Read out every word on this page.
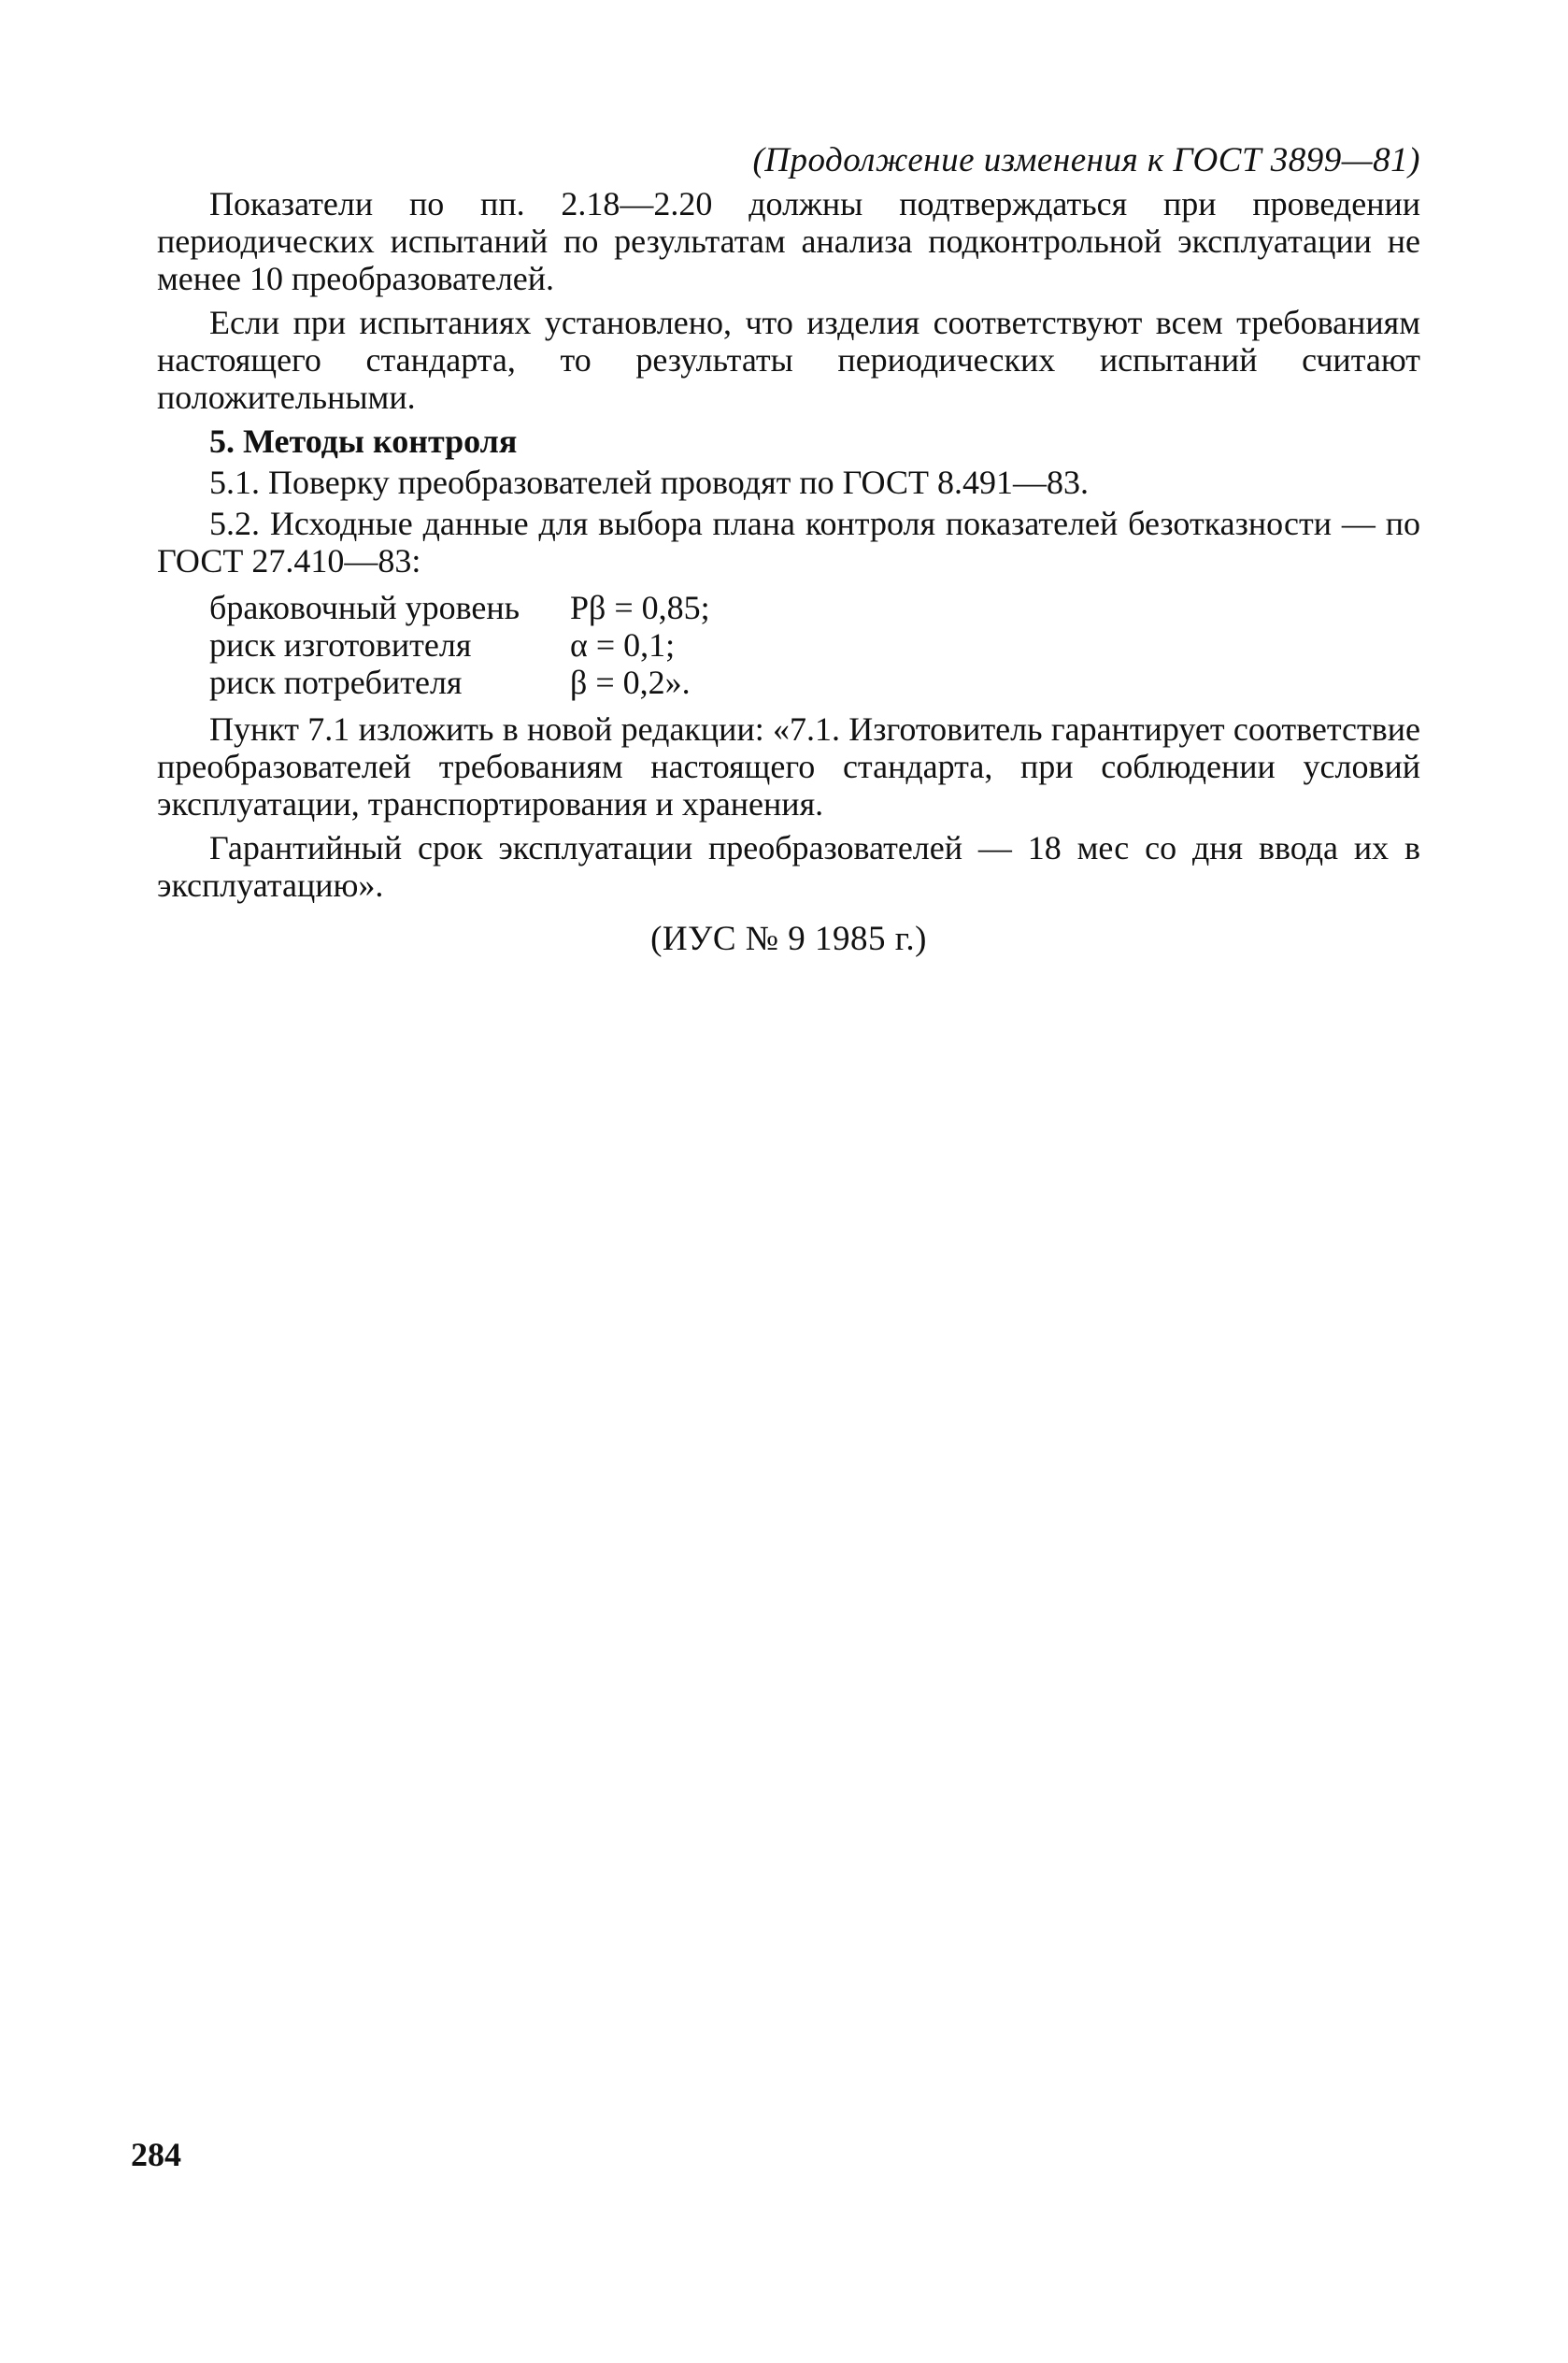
(Продолжение изменения к ГОСТ 3899—81)

Показатели по пп. 2.18—2.20 должны подтверждаться при проведении периодических испытаний по результатам анализа подконтрольной эксплуатации не менее 10 преобразователей.

Если при испытаниях установлено, что изделия соответствуют всем требованиям настоящего стандарта, то результаты периодических испытаний считают положительными.

5. Методы контроля

5.1. Поверку преобразователей проводят по ГОСТ 8.491—83.

5.2. Исходные данные для выбора плана контроля показателей безотказности — по ГОСТ 27.410—83:

браковочный уровень	Pβ = 0,85;
риск изготовителя	α = 0,1;
риск потребителя	β = 0,2».

Пункт 7.1 изложить в новой редакции: «7.1. Изготовитель гарантирует соответствие преобразователей требованиям настоящего стандарта, при соблюдении условий эксплуатации, транспортирования и хранения.

Гарантийный срок эксплуатации преобразователей — 18 мес со дня ввода их в эксплуатацию».

(ИУС № 9 1985 г.)
284
